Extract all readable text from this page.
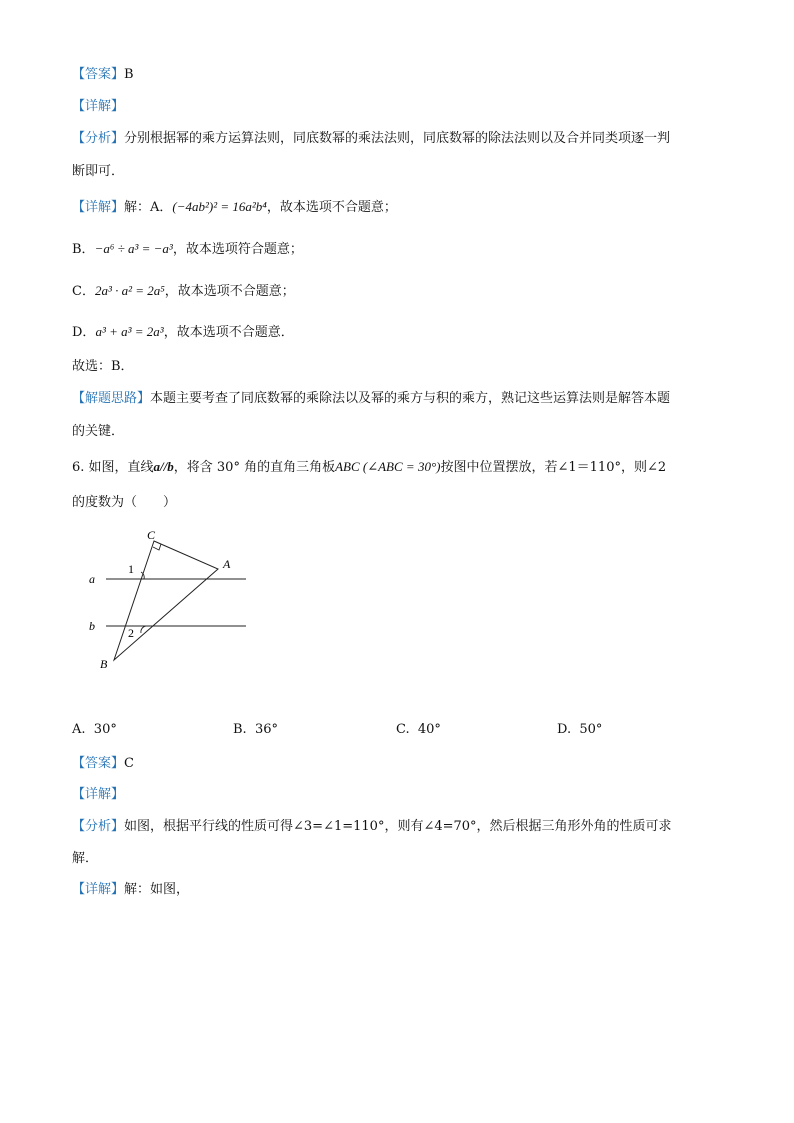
【答案】B
【详解】
【分析】分别根据幂的乘方运算法则，同底数幂的乘法法则，同底数幂的除法法则以及合并同类项逐一判
断即可．
【详解】解：A．(−4ab²)² = 16a²b⁴，故本选项不合题意；
B．−a⁶ ÷ a³ = −a³，故本选项符合题意；
C．2a³ · a² = 2a⁵，故本选项不合题意；
D．a³ + a³ = 2a³，故本选项不合题意．
故选：B．
【解题思路】本题主要考查了同底数幂的乘除法以及幂的乘方与积的乘方，熟记这些运算法则是解答本题
的关键．
6. 如图，直线a//b，将含 30° 角的直角三角板ABC (∠ABC = 30°)按图中位置摆放，若∠1＝110°，则∠2
的度数为（　　）
C
A
B
a
b
1
2
A. 30°	B. 36°	C. 40°	D. 50°
【答案】C
【详解】
【分析】如图，根据平行线的性质可得∠3=∠1=110°，则有∠4=70°，然后根据三角形外角的性质可求
解．
【详解】解：如图，
